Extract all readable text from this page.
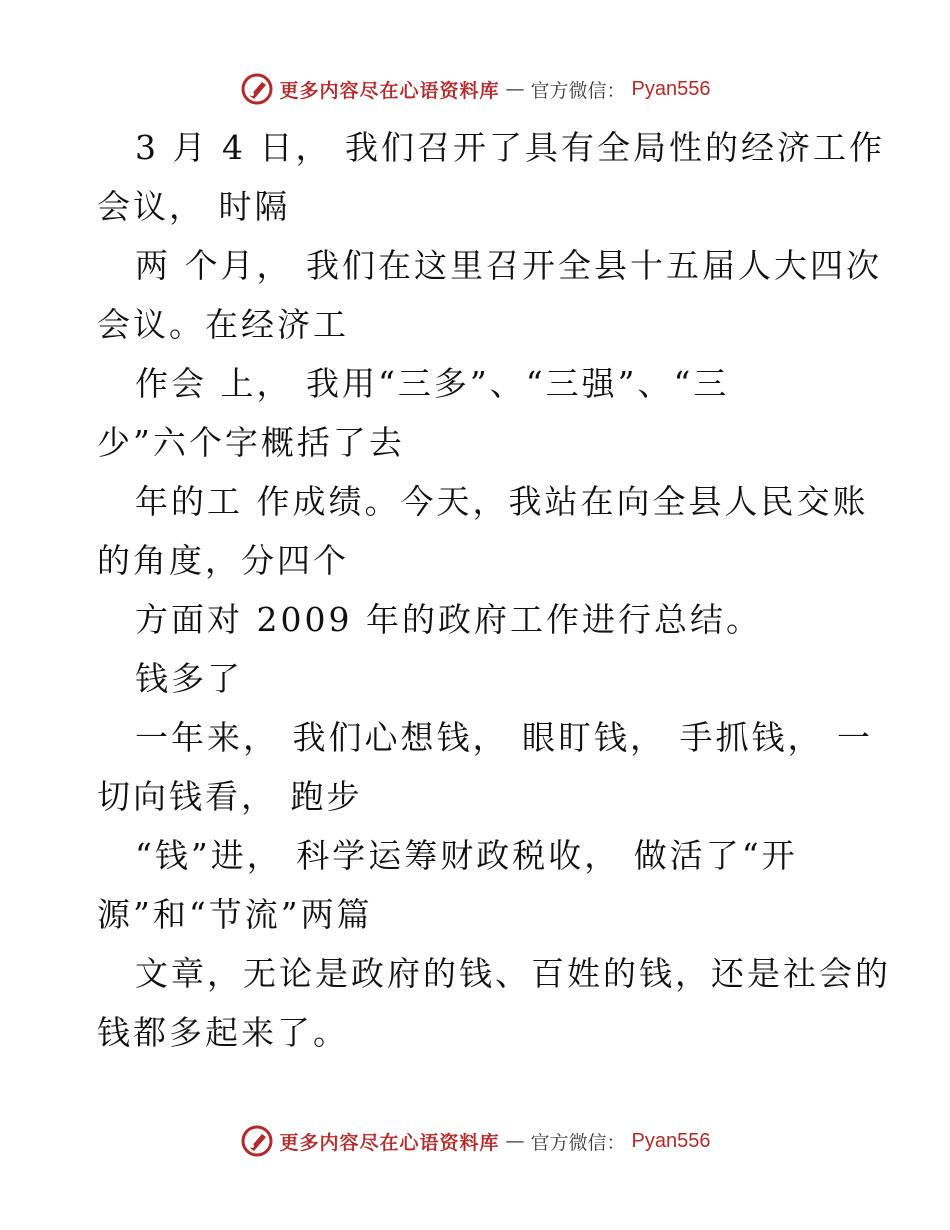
更多内容尽在心语资料库 — 官方微信： Pyan556
3 月 4 日， 我们召开了具有全局性的经济工作
会议， 时隔
两 个月， 我们在这里召开全县十五届人大四次
会议。在经济工
作会 上， 我用“三多”、“三强”、“三
少”六个字概括了去
年的工 作成绩。今天，我站在向全县人民交账
的角度，分四个
方面对 2009 年的政府工作进行总结。
钱多了
一年来， 我们心想钱， 眼盯钱， 手抓钱， 一
切向钱看， 跑步
“钱”进， 科学运筹财政税收， 做活了“开
源”和“节流”两篇
文章，无论是政府的钱、百姓的钱，还是社会的
钱都多起来了。
更多内容尽在心语资料库 — 官方微信： Pyan556
